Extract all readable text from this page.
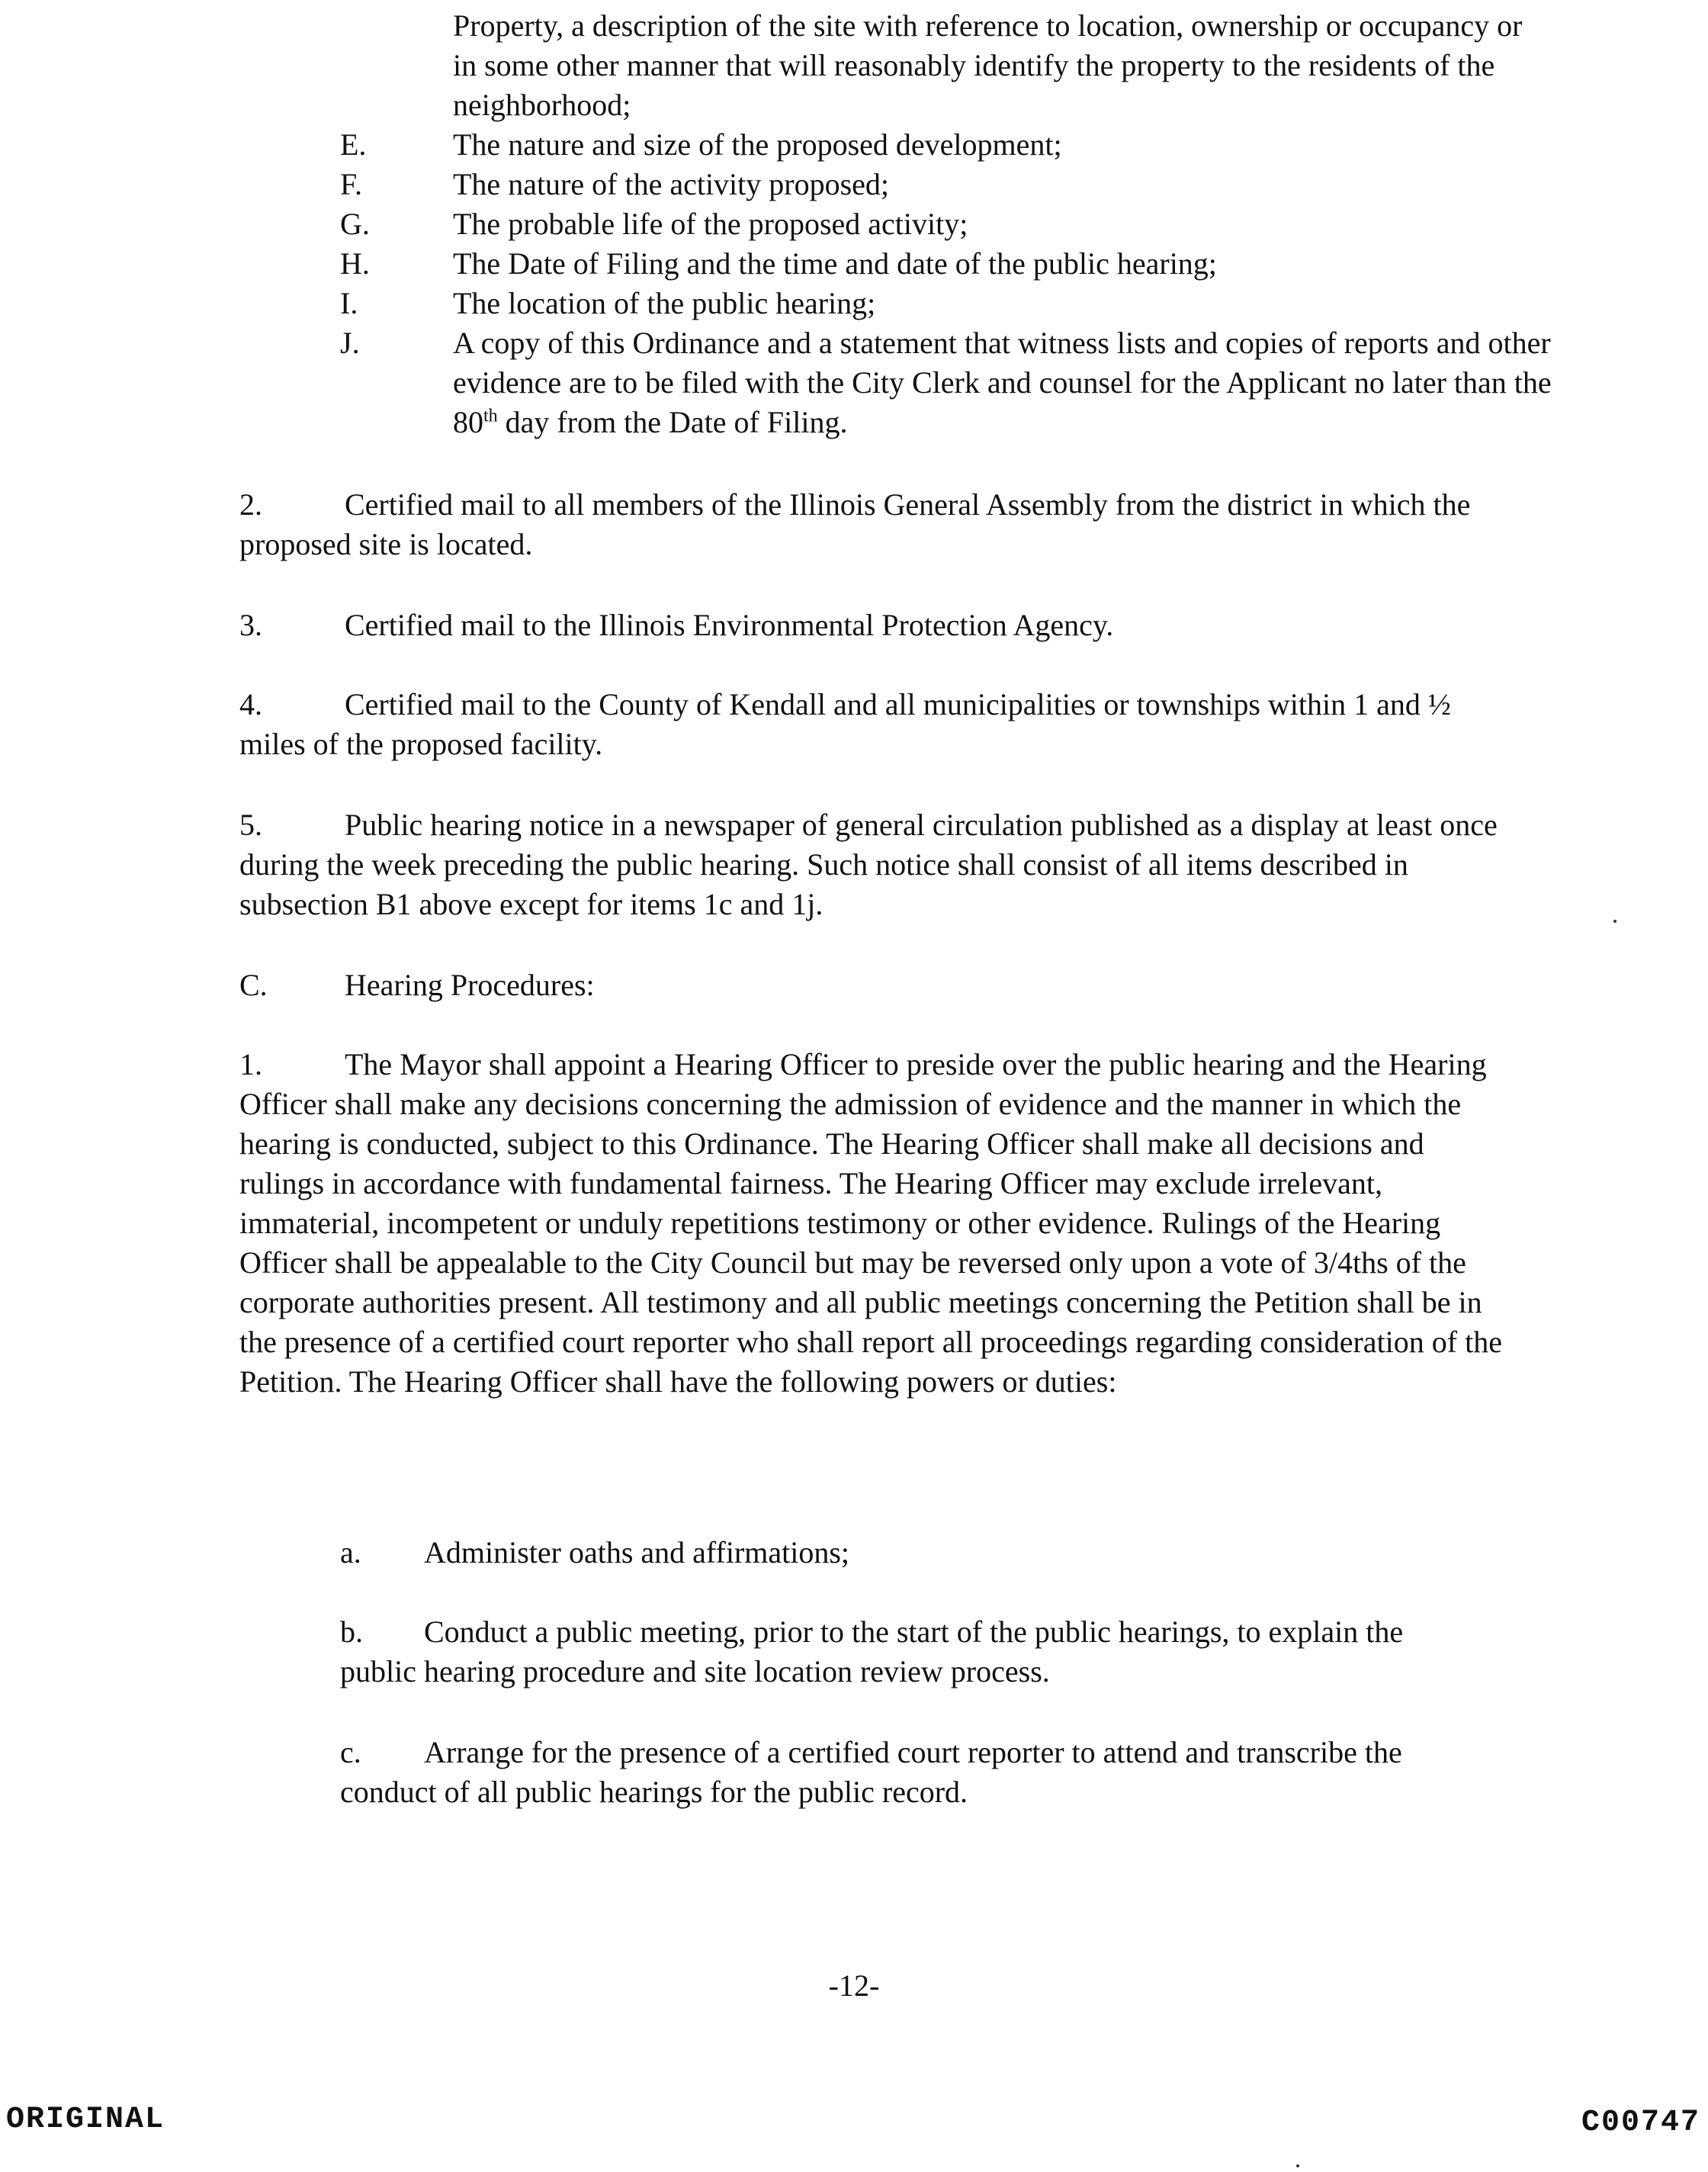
Property, a description of the site with reference to location, ownership or occupancy or in some other manner that will reasonably identify the property to the residents of the neighborhood;
E.	The nature and size of the proposed development;
F.	The nature of the activity proposed;
G.	The probable life of the proposed activity;
H.	The Date of Filing and the time and date of the public hearing;
I.	The location of the public hearing;
J.	A copy of this Ordinance and a statement that witness lists and copies of reports and other evidence are to be filed with the City Clerk and counsel for the Applicant no later than the 80th day from the Date of Filing.
2.	Certified mail to all members of the Illinois General Assembly from the district in which the proposed site is located.
3.	Certified mail to the Illinois Environmental Protection Agency.
4.	Certified mail to the County of Kendall and all municipalities or townships within 1 and ½ miles of the proposed facility.
5.	Public hearing notice in a newspaper of general circulation published as a display at least once during the week preceding the public hearing. Such notice shall consist of all items described in subsection B1 above except for items 1c and 1j.
C.	Hearing Procedures:
1.	The Mayor shall appoint a Hearing Officer to preside over the public hearing and the Hearing Officer shall make any decisions concerning the admission of evidence and the manner in which the hearing is conducted, subject to this Ordinance. The Hearing Officer shall make all decisions and rulings in accordance with fundamental fairness. The Hearing Officer may exclude irrelevant, immaterial, incompetent or unduly repetitions testimony or other evidence. Rulings of the Hearing Officer shall be appealable to the City Council but may be reversed only upon a vote of 3/4ths of the corporate authorities present. All testimony and all public meetings concerning the Petition shall be in the presence of a certified court reporter who shall report all proceedings regarding consideration of the Petition. The Hearing Officer shall have the following powers or duties:
a. Administer oaths and affirmations;
b. Conduct a public meeting, prior to the start of the public hearings, to explain the public hearing procedure and site location review process.
c. Arrange for the presence of a certified court reporter to attend and transcribe the conduct of all public hearings for the public record.
-12-
ORIGINAL	C00747
